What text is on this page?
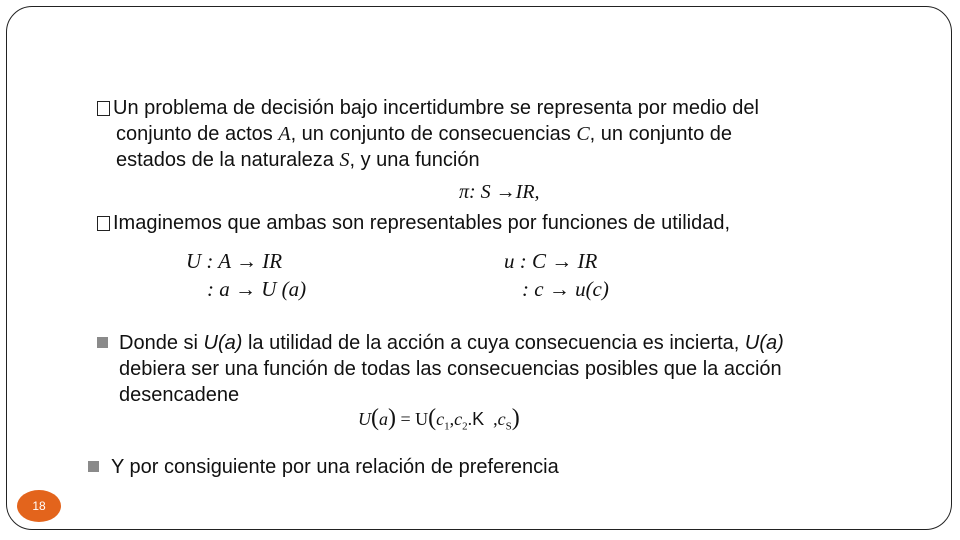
Un problema de decisión bajo incertidumbre se representa por medio del
conjunto de actos A, un conjunto de consecuencias C, un conjunto de
estados de la naturaleza S, y una función
π: S →IR,
Imaginemos que ambas son representables por funciones de utilidad,
U : A → IR
: a → U (a)
u : C → IR
: c → u(c)
Donde si U(a) la utilidad de la acción a cuya consecuencia es incierta, U(a)
debiera ser una función de todas las consecuencias posibles que la acción
desencadene
$U(a) = U(c_1,c_2.K$  $,c_S$)
Y por consiguiente por una relación de preferencia
18
